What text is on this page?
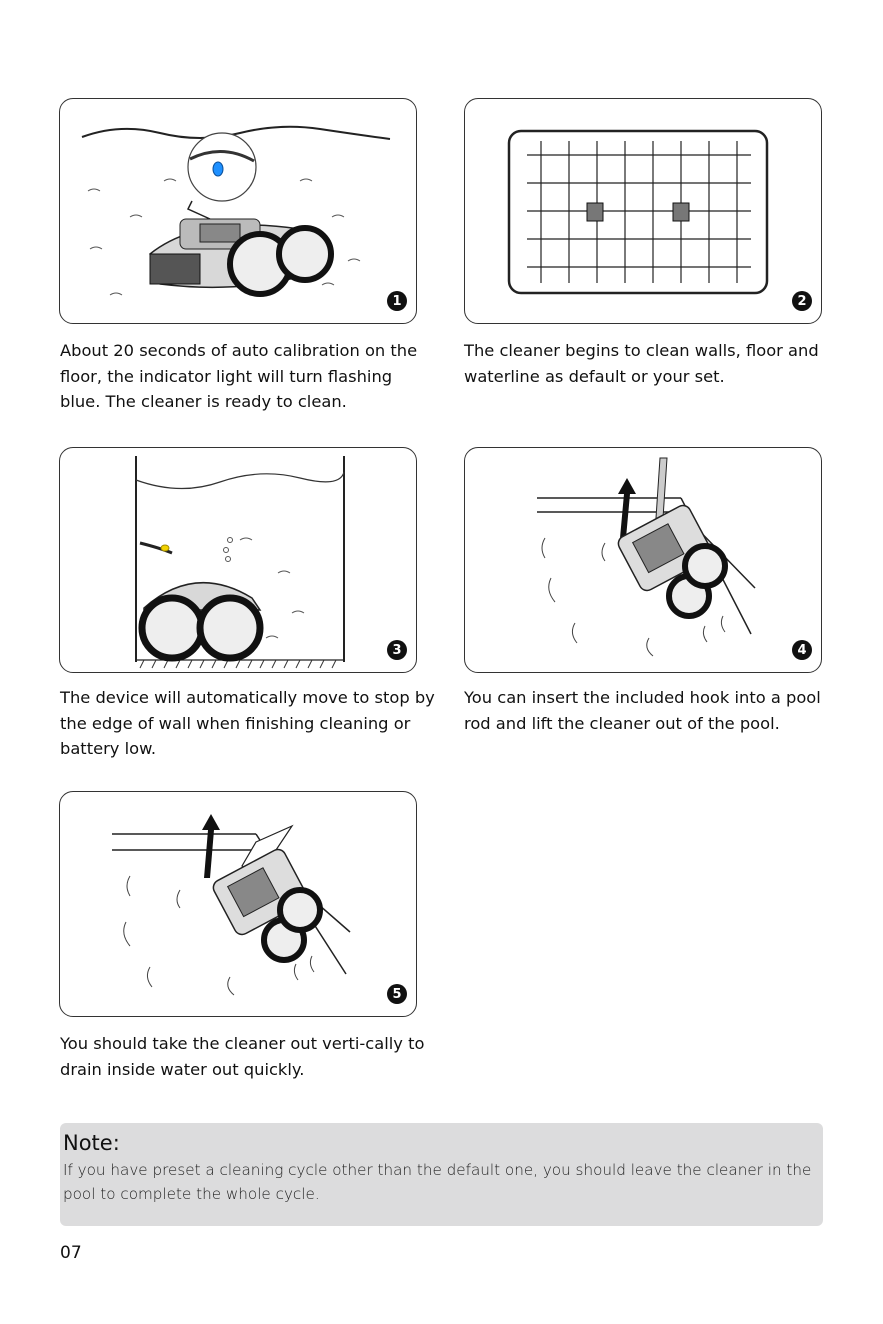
1

About 20 seconds of auto calibration on the floor, the indicator light will turn flashing blue. The cleaner is ready to clean.

2

The cleaner begins to clean walls, floor and waterline as default or your set.

3

The device will automatically move to stop by the edge of wall when finishing cleaning or battery low.

4

You can insert the included hook into a pool rod and lift the cleaner out of the pool.

5

You should take the cleaner out verti-cally to drain inside water out quickly.

Note:
If you have preset a cleaning cycle other than the default one, you should leave the cleaner in the pool to complete the whole cycle.
07
